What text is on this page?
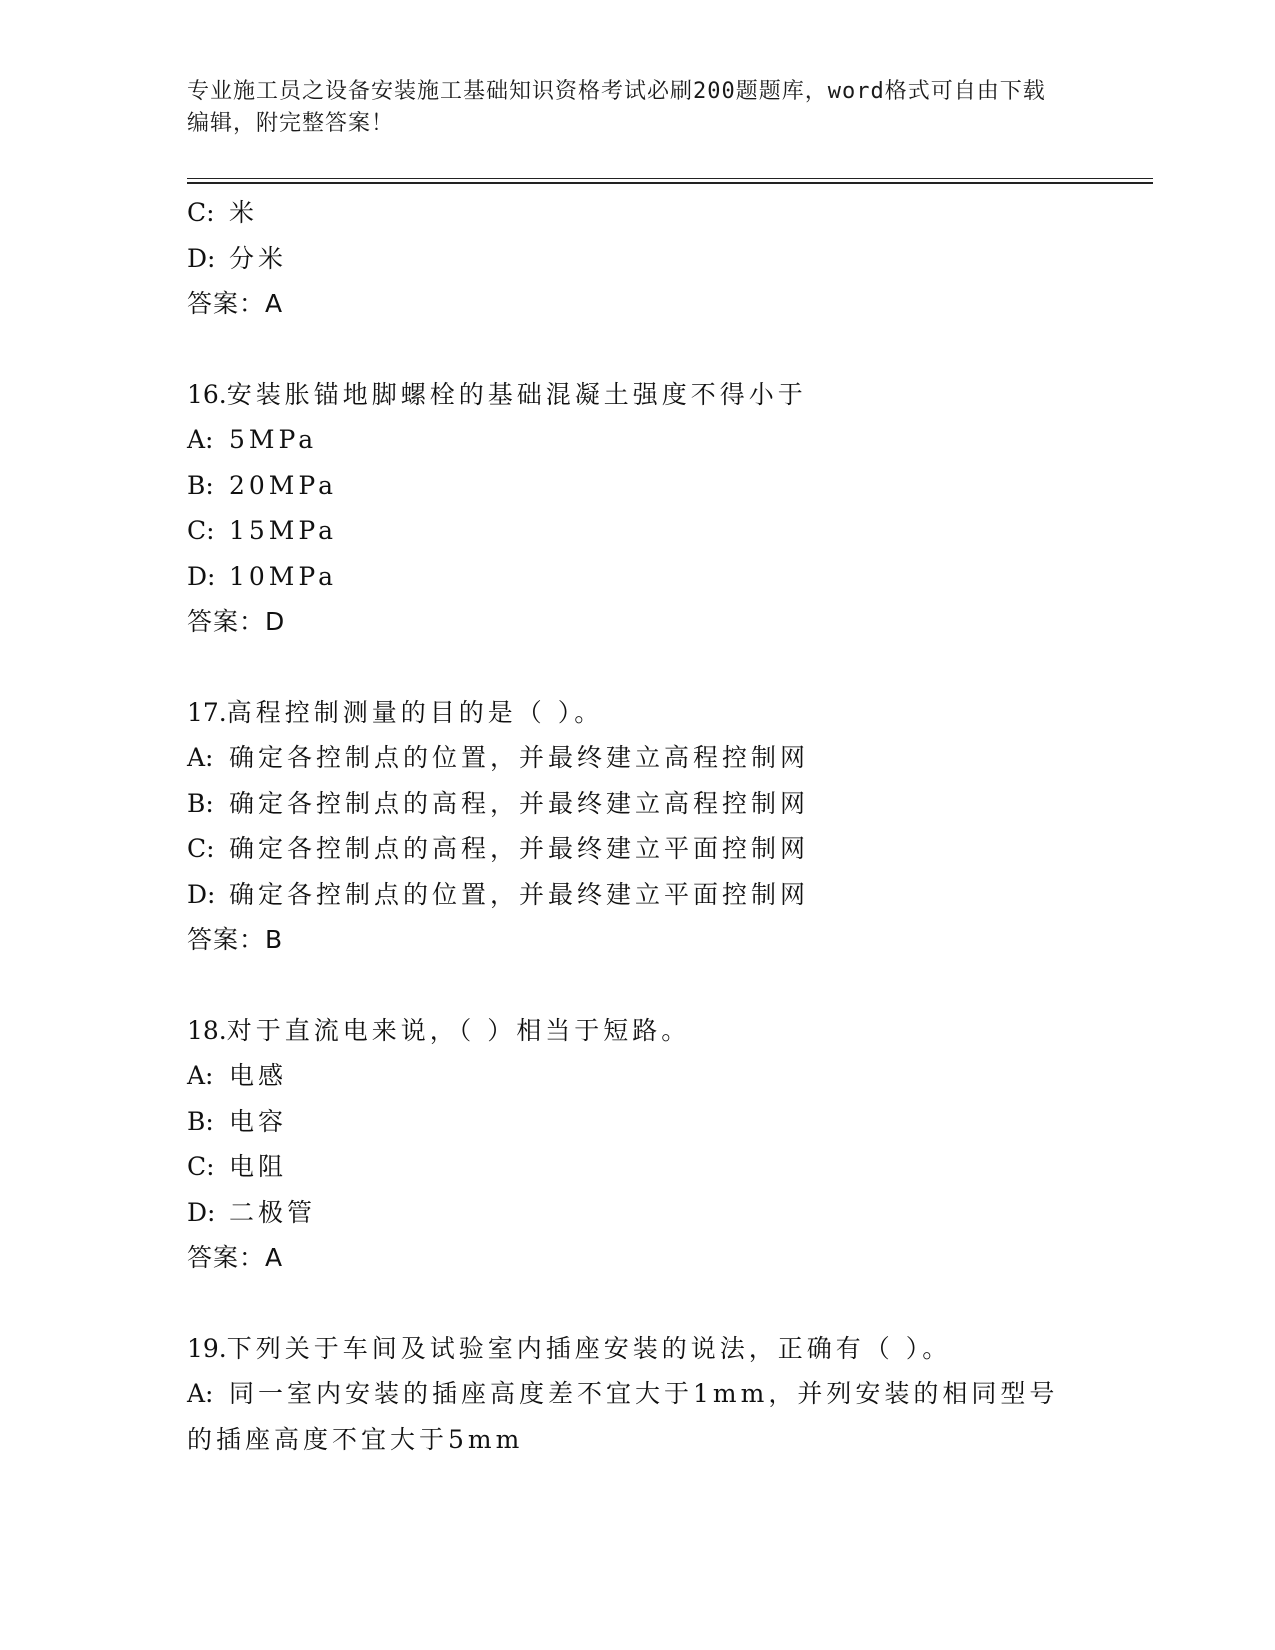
专业施工员之设备安装施工基础知识资格考试必刷200题题库，word格式可自由下载编辑，附完整答案！
C: 米
D: 分米
答案：A
16.安装胀锚地脚螺栓的基础混凝土强度不得小于
A: 5MPa
B: 20MPa
C: 15MPa
D: 10MPa
答案：D
17.高程控制测量的目的是（ ）。
A: 确定各控制点的位置，并最终建立高程控制网
B: 确定各控制点的高程，并最终建立高程控制网
C: 确定各控制点的高程，并最终建立平面控制网
D: 确定各控制点的位置，并最终建立平面控制网
答案：B
18.对于直流电来说，（ ）相当于短路。
A: 电感
B: 电容
C: 电阻
D: 二极管
答案：A
19.下列关于车间及试验室内插座安装的说法，正确有（ ）。
A: 同一室内安装的插座高度差不宜大于1mm，并列安装的相同型号的插座高度不宜大于5mm
